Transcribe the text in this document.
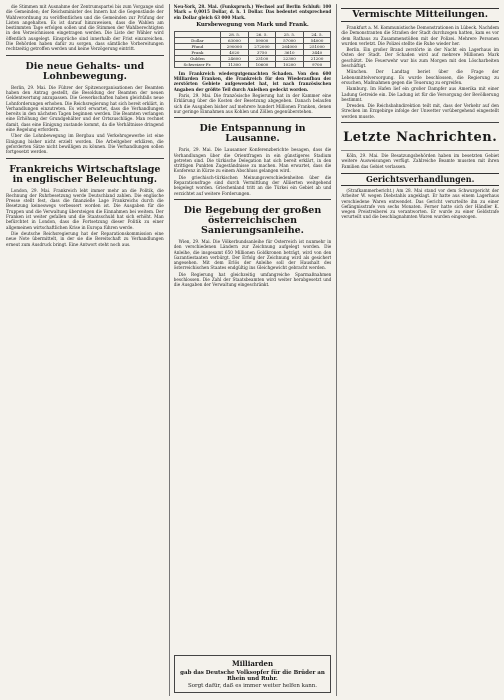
die Stimmen mit Ausnahme der Zentrumspartei bis zum Vorgange sind die Gemeinden; der Reichsminister des Innern hat die Gegenstände der Wahlverordnung zu veröffentlichen und die Gemeinden zur Prüfung der Listen angehalten. Es ist darauf hinzuweisen, dass die Wahlen am bestimmten Tage erfolgen sollen und die Stimmen der Wahlberechtigten in den Verzeichnissen eingetragen werden. Die Liste der Wähler wird öffentlich ausgelegt. Einsprüche sind innerhalb der Frist einzureichen. Die Behörden haben dafür zu sorgen, dass sämtliche Vorbereitungen rechtzeitig getroffen werden und keine Verzögerung eintritt.

Die neue Gehalts- und Lohnbewegung.

Berlin, 29. Mai. Die Führer der Spitzenorganisationen der Beamten haben den Antrag gestellt, die Besoldung der Beamten der neuen Geldentwertung anzupassen. Die Gewerkschaften haben gleichfalls neue Lohnforderungen erhoben. Die Reichsregierung hat sich bereit erklärt, in Verhandlungen einzutreten. Es wird erwartet, dass die Verhandlungen bereits in den nächsten Tagen beginnen werden. Die Beamten verlangen eine Erhöhung der Grundgehälter und der Ortszuschläge. Man rechnet damit, dass eine Einigung zustande kommt, da die Verhältnisse dringend eine Regelung erfordern.

Über die Lohnbewegung im Bergbau und Verkehrsgewerbe ist eine Einigung bisher nicht erzielt worden. Die Arbeitgeber erklären, die geforderten Sätze nicht bewilligen zu können. Die Verhandlungen sollen fortgesetzt werden.

Frankreichs Wirtschaftslage in englischer Beleuchtung.

London, 29. Mai. Frankreich lebt immer mehr an die Politik, die Rechnung der Ruhrbesetzung werde Deutschland zahlen. Die englische Presse stellt fest, dass die finanzielle Lage Frankreichs durch die Besetzung keineswegs verbessert worden ist. Die Ausgaben für die Truppen und die Verwaltung übersteigen die Einnahmen bei weitem. Der Franken ist weiter gefallen und die Staatsschuld hat sich erhöht. Man befürchtet in London, dass die Fortsetzung dieser Politik zu einer allgemeinen wirtschaftlichen Krise in Europa führen werde.

Die deutsche Reichsregierung hat der Reparationskommission eine neue Note übermittelt, in der sie die Bereitschaft zu Verhandlungen erneut zum Ausdruck bringt. Eine Antwort steht noch aus.

Neu-York, 28. Mai. (Funkspruch.) Wechsel auf Berlin Schluß: 100 Mark = 0,0015 Dollar, d. h. 1 Dollar. Das bedeutet entsprechend ein Dollar gleich 63 000 Mark.

Kursbewegung von Mark und Frank.
	28. 5.	26. 5.	25. 5.	24. 5.
Dollar	63000	59000	57000	54000
Pfund	290000	272000	264000	251000
Frank	4020	3750	3610	3440
Gulden	24600	23100	22300	21200
Schweizer Fr.	11300	10600	10200	9700

Im Frankreich wiedergutgemachten Schaden. Von den 600 Milliarden Franken, die Frankreich für den Wiederaufbau der zerstörten Gebiete aufgewendet hat, ist nach französischen Angaben der größte Teil durch Anleihen gedeckt worden.

Paris, 29. Mai. Die französische Regierung hat in der Kammer eine Erklärung über die Kosten der Besetzung abgegeben. Danach belaufen sich die Ausgaben bisher auf mehrere hundert Millionen Franken, denen nur geringe Einnahmen aus Kohlen und Zöllen gegenüberstehen.

Die Entspannung in Lausanne.

Paris, 29. Mai. Die Lausanner Konferenzberichte besagen, dass die Verhandlungen über die Orientfragen in ein günstigeres Stadium getreten sind. Die türkische Delegation hat sich bereit erklärt, in den strittigen Punkten Zugeständnisse zu machen. Man erwartet, dass die Konferenz in Kürze zu einem Abschluss gelangen wird.

Die griechisch-türkischen Meinungsverschiedenheiten über die Reparationsfrage sind durch Vermittlung der Alliierten weitgehend beigelegt worden. Griechenland tritt an die Türkei ein Gebiet ab und verzichtet auf weitere Forderungen.

Die Begebung der großen österreichischen Sanierungsanleihe.

Wien, 29. Mai. Die Völkerbundsanleihe für Österreich ist nunmehr in den verschiedenen Ländern zur Zeichnung aufgelegt worden. Die Anleihe, die insgesamt 650 Millionen Goldkronen beträgt, wird von den Garantiestaaten verbürgt. Der Erfolg der Zeichnung wird als gesichert angesehen. Mit dem Erlös der Anleihe soll der Haushalt des österreichischen Staates endgültig ins Gleichgewicht gebracht werden.

Die Regierung hat gleichzeitig umfangreiche Sparmaßnahmen beschlossen. Die Zahl der Staatsbeamten wird weiter herabgesetzt und die Ausgaben der Verwaltung eingeschränkt.

Milliarden
gab das Deutsche Volksopfer für die Brüder an Rhein und Ruhr.
Sorgt dafür, daß es immer weiter helfen kann.
Vermischte Mitteilungen.

Frankfurt a. M. Kommunistische Demonstrationen in Lübeck. Nachdem die Demonstranten die Straßen der Stadt durchzogen hatten, kam es vor dem Rathaus zu Zusammenstößen mit der Polizei. Mehrere Personen wurden verletzt. Die Polizei stellte die Ruhe wieder her.

Berlin. Ein großer Brand zerstörte in der Nacht ein Lagerhaus im Osten der Stadt. Der Schaden wird auf mehrere Millionen Mark geschätzt. Die Feuerwehr war bis zum Morgen mit den Löscharbeiten beschäftigt.

München. Der Landtag beriet über die Frage der Lebensmittelversorgung. Es wurde beschlossen, die Regierung zu ersuchen, Maßnahmen gegen die Teuerung zu ergreifen.

Hamburg. Im Hafen lief ein großer Dampfer aus Amerika mit einer Ladung Getreide ein. Die Ladung ist für die Versorgung der Bevölkerung bestimmt.

Dresden. Die Reichsbahndirektion teilt mit, dass der Verkehr auf den Strecken im Erzgebirge infolge der Unwetter vorübergehend eingestellt werden musste.

Letzte Nachrichten.

Köln, 29. Mai. Die Besatzungsbehörden haben im besetzten Gebiet weitere Ausweisungen verfügt. Zahlreiche Beamte mussten mit ihren Familien das Gebiet verlassen.

Gerichtsverhandlungen.

(Strafkammerbericht.) Am 28. Mai stand vor dem Schwurgericht der Arbeiter W. wegen Diebstahls angeklagt. Er hatte aus einem Lagerhaus verschiedene Waren entwendet. Das Gericht verurteilte ihn zu einer Gefängnisstrafe von sechs Monaten. Ferner hatte sich der Händler K. wegen Preistreiberei zu verantworten. Er wurde zu einer Geldstrafe verurteilt und die beschlagnahmten Waren wurden eingezogen.
